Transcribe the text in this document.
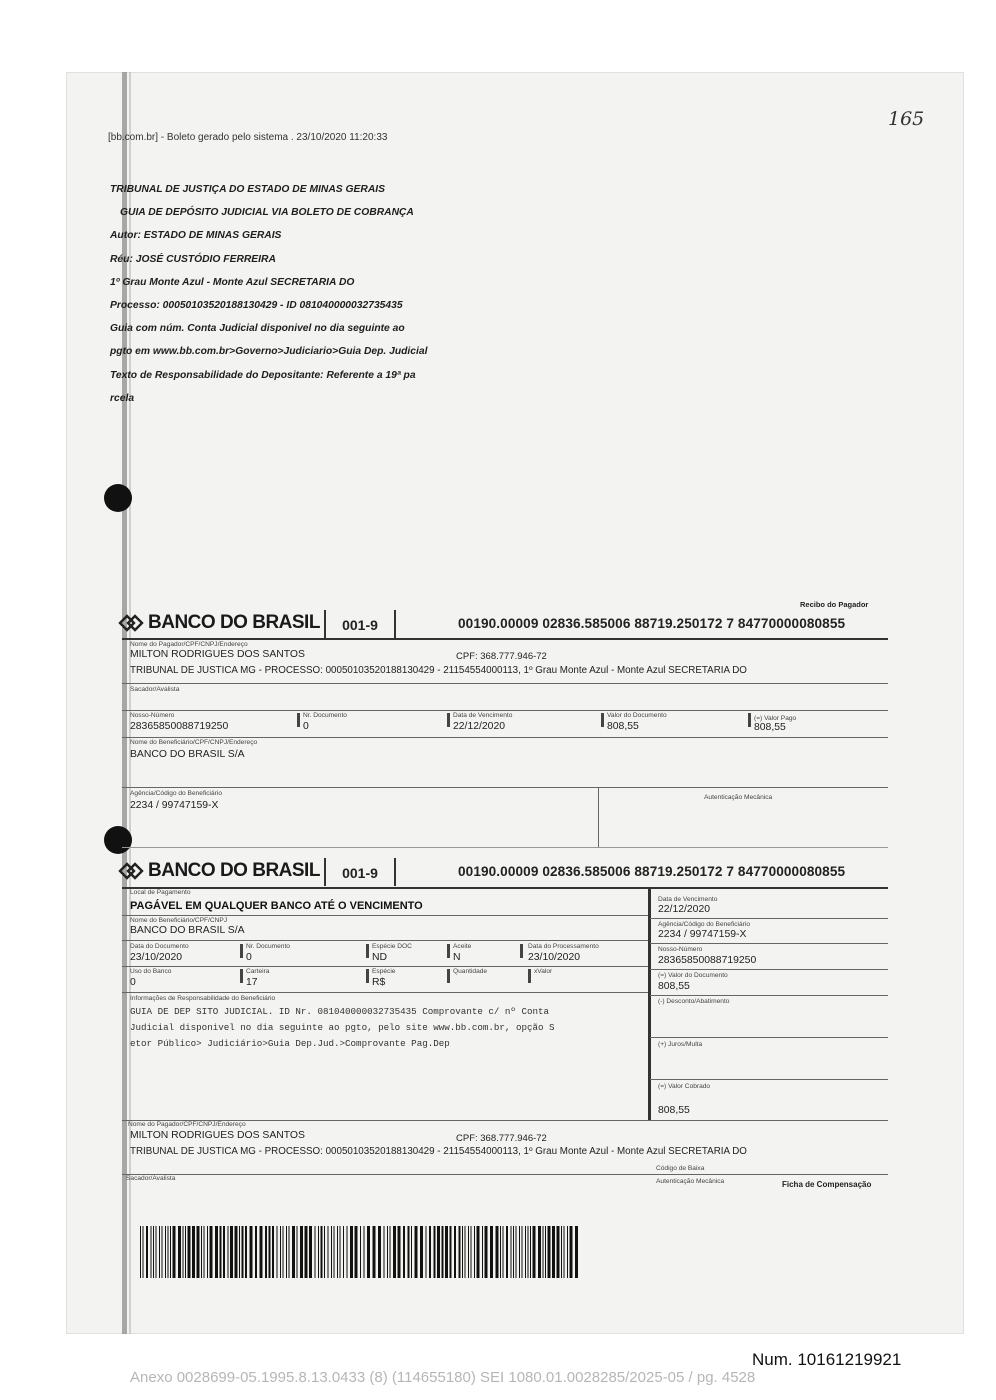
[bb.com.br] - Boleto gerado pelo sistema . 23/10/2020 11:20:33
165
TRIBUNAL DE JUSTIÇA DO ESTADO DE MINAS GERAIS
GUIA DE DEPÓSITO JUDICIAL VIA BOLETO DE COBRANÇA
Autor: ESTADO DE MINAS GERAIS
Réu: JOSÉ CUSTÓDIO FERREIRA
1º Grau Monte Azul - Monte Azul SECRETARIA DO
Processo: 00050103520188130429 - ID 081040000032735435
Guia com núm. Conta Judicial disponivel no dia seguinte ao
pgto em www.bb.com.br>Governo>Judiciario>Guia Dep. Judicial
Texto de Responsabilidade do Depositante: Referente a 19ª pa
rcela
Recibo do Pagador
BANCO DO BRASIL	001-9	00190.00009 02836.585006 88719.250172 7 84770000080855
Nome do Pagador/CPF/CNPJ/Endereço
MILTON RODRIGUES DOS SANTOS	CPF: 368.777.946-72
TRIBUNAL DE JUSTICA MG - PROCESSO: 00050103520188130429 - 21154554000113, 1º Grau Monte Azul - Monte Azul SECRETARIA DO
Sacador/Avalista
Nosso-Número
28365850088719250
Nr. Documento
0
Data de Vencimento
22/12/2020
Valor do Documento
808,55
(=) Valor Pago
808,55
Nome do Beneficiário/CPF/CNPJ/Endereço
BANCO DO BRASIL S/A
Agência/Código do Beneficiário
2234 / 99747159-X
Autenticação Mecânica
BANCO DO BRASIL	001-9	00190.00009 02836.585006 88719.250172 7 84770000080855
Local de Pagamento
PAGÁVEL EM QUALQUER BANCO ATÉ O VENCIMENTO
Nome do Beneficiário/CPF/CNPJ
BANCO DO BRASIL S/A
Data do Documento
23/10/2020
Nr. Documento
0
Espécie DOC
ND
Aceite
N
Data do Processamento
23/10/2020
Uso do Banco
0
Carteira
17
Espécie
R$
Quantidade	xValor
Informações de Responsabilidade do Beneficiário
GUIA DE DEP SITO JUDICIAL. ID Nr. 081040000032735435 Comprovante c/ nº Conta
Judicial disponivel no dia seguinte ao pgto, pelo site www.bb.com.br, opção S
etor Público> Judiciário>Guia Dep.Jud.>Comprovante Pag.Dep
Data de Vencimento
22/12/2020
Agência/Código do Beneficiário
2234 / 99747159-X
Nosso-Número
28365850088719250
(=) Valor do Documento
808,55
(-) Desconto/Abatimento
(+) Juros/Multa
(=) Valor Cobrado
808,55
Nome do Pagador/CPF/CNPJ/Endereço
MILTON RODRIGUES DOS SANTOS	CPF: 368.777.946-72
TRIBUNAL DE JUSTICA MG - PROCESSO: 00050103520188130429 - 21154554000113, 1º Grau Monte Azul - Monte Azul SECRETARIA DO
Código de Baixa
Sacador/Avalista	Autenticação Mecânica	Ficha de Compensação
Num. 10161219921
Anexo 0028699-05.1995.8.13.0433 (8) (114655180) SEI 1080.01.0028285/2025-05 / pg. 4528
